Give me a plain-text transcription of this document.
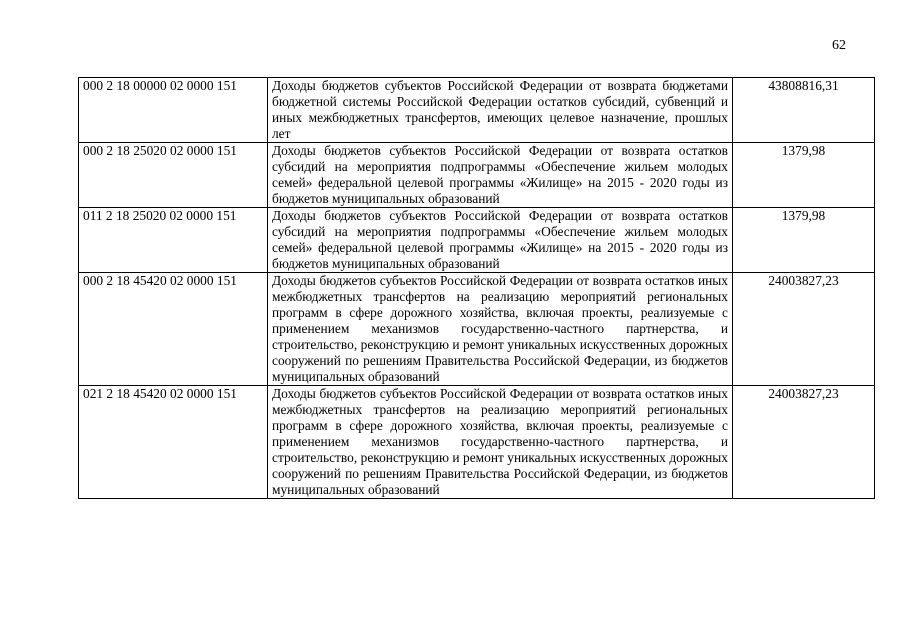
62
000 2 18 00000 02 0000 151	Доходы бюджетов субъектов Российской Федерации от возврата бюджетами бюджетной системы Российской Федерации остатков субсидий, субвенций и иных межбюджетных трансфертов, имеющих целевое назначение, прошлых лет	43808816,31
000 2 18 25020 02 0000 151	Доходы бюджетов субъектов Российской Федерации от возврата остатков субсидий на мероприятия подпрограммы «Обеспечение жильем молодых семей» федеральной целевой программы «Жилище» на 2015 - 2020 годы из бюджетов муниципальных образований	1379,98
011 2 18 25020 02 0000 151	Доходы бюджетов субъектов Российской Федерации от возврата остатков субсидий на мероприятия подпрограммы «Обеспечение жильем молодых семей» федеральной целевой программы «Жилище» на 2015 - 2020 годы из бюджетов муниципальных образований	1379,98
000 2 18 45420 02 0000 151	Доходы бюджетов субъектов Российской Федерации от возврата остатков иных межбюджетных трансфертов на реализацию мероприятий региональных программ в сфере дорожного хозяйства, включая проекты, реализуемые с применением механизмов государственно-частного партнерства, и строительство, реконструкцию и ремонт уникальных искусственных дорожных сооружений по решениям Правительства Российской Федерации, из бюджетов муниципальных образований	24003827,23
021 2 18 45420 02 0000 151	Доходы бюджетов субъектов Российской Федерации от возврата остатков иных межбюджетных трансфертов на реализацию мероприятий региональных программ в сфере дорожного хозяйства, включая проекты, реализуемые с применением механизмов государственно-частного партнерства, и строительство, реконструкцию и ремонт уникальных искусственных дорожных сооружений по решениям Правительства Российской Федерации, из бюджетов муниципальных образований	24003827,23
